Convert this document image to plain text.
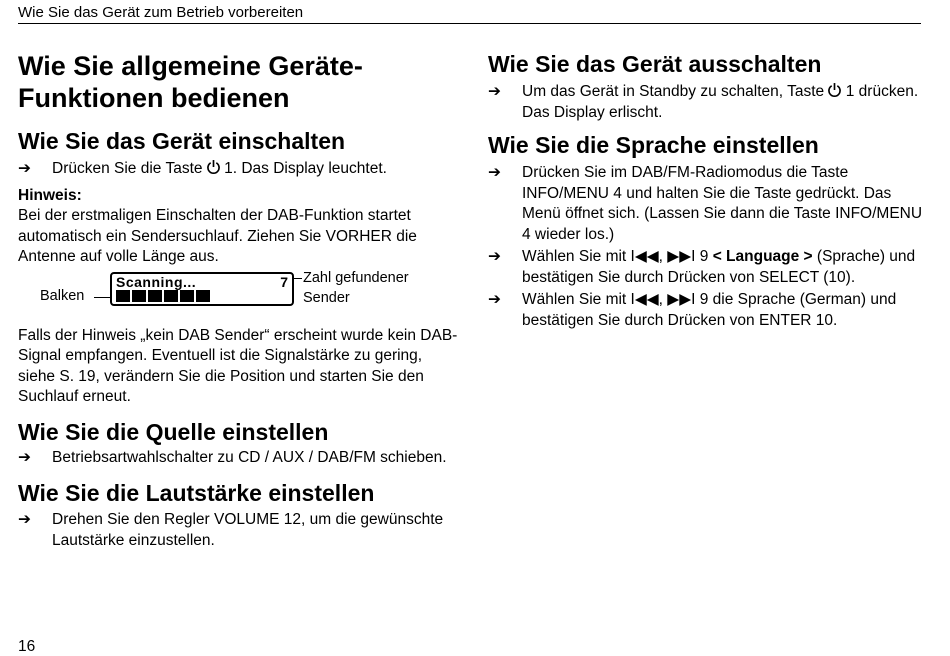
Wie Sie das Gerät zum Betrieb vorbereiten
Wie Sie allgemeine Geräte-
Funktionen bedienen
Wie Sie das Gerät einschalten
➔ Drücken Sie die Taste 1. Das Display leuchtet.

Hinweis:

Bei der erstmaligen Einschalten der DAB-Funktion startet automatisch ein Sendersuchlauf. Ziehen Sie VORHER die Antenne auf volle Länge aus.

Balken
Scanning...	7 Zahl gefundener
Sender

Falls der Hinweis „kein DAB Sender“ erscheint wurde kein DAB-Signal empfangen. Eventuell ist die Signalstärke zu gering, siehe S. 19, verändern Sie die Position und starten Sie den Suchlauf erneut.

Wie Sie die Quelle einstellen
➔ Betriebsartwahlschalter zu CD / AUX / DAB/FM schieben.
Wie Sie die Lautstärke einstellen
➔ Drehen Sie den Regler VOLUME 12, um die gewünschte Lautstärke einzustellen.
Wie Sie das Gerät ausschalten
➔ Um das Gerät in Standby zu schalten, Taste 1 drücken. Das Display erlischt.
Wie Sie die Sprache einstellen
➔ Drücken Sie im DAB/FM-Radiomodus die Taste INFO/MENU 4 und halten Sie die Taste gedrückt. Das Menü öffnet sich. (Lassen Sie dann die Taste INFO/MENU 4 wieder los.)
➔ Wählen Sie mit I◀◀, ▶▶I 9 < Language > (Sprache) und bestätigen Sie durch Drücken von SELECT (10).
➔ Wählen Sie mit I◀◀, ▶▶I 9 die Sprache (German) und bestätigen Sie durch Drücken von ENTER 10.
16
